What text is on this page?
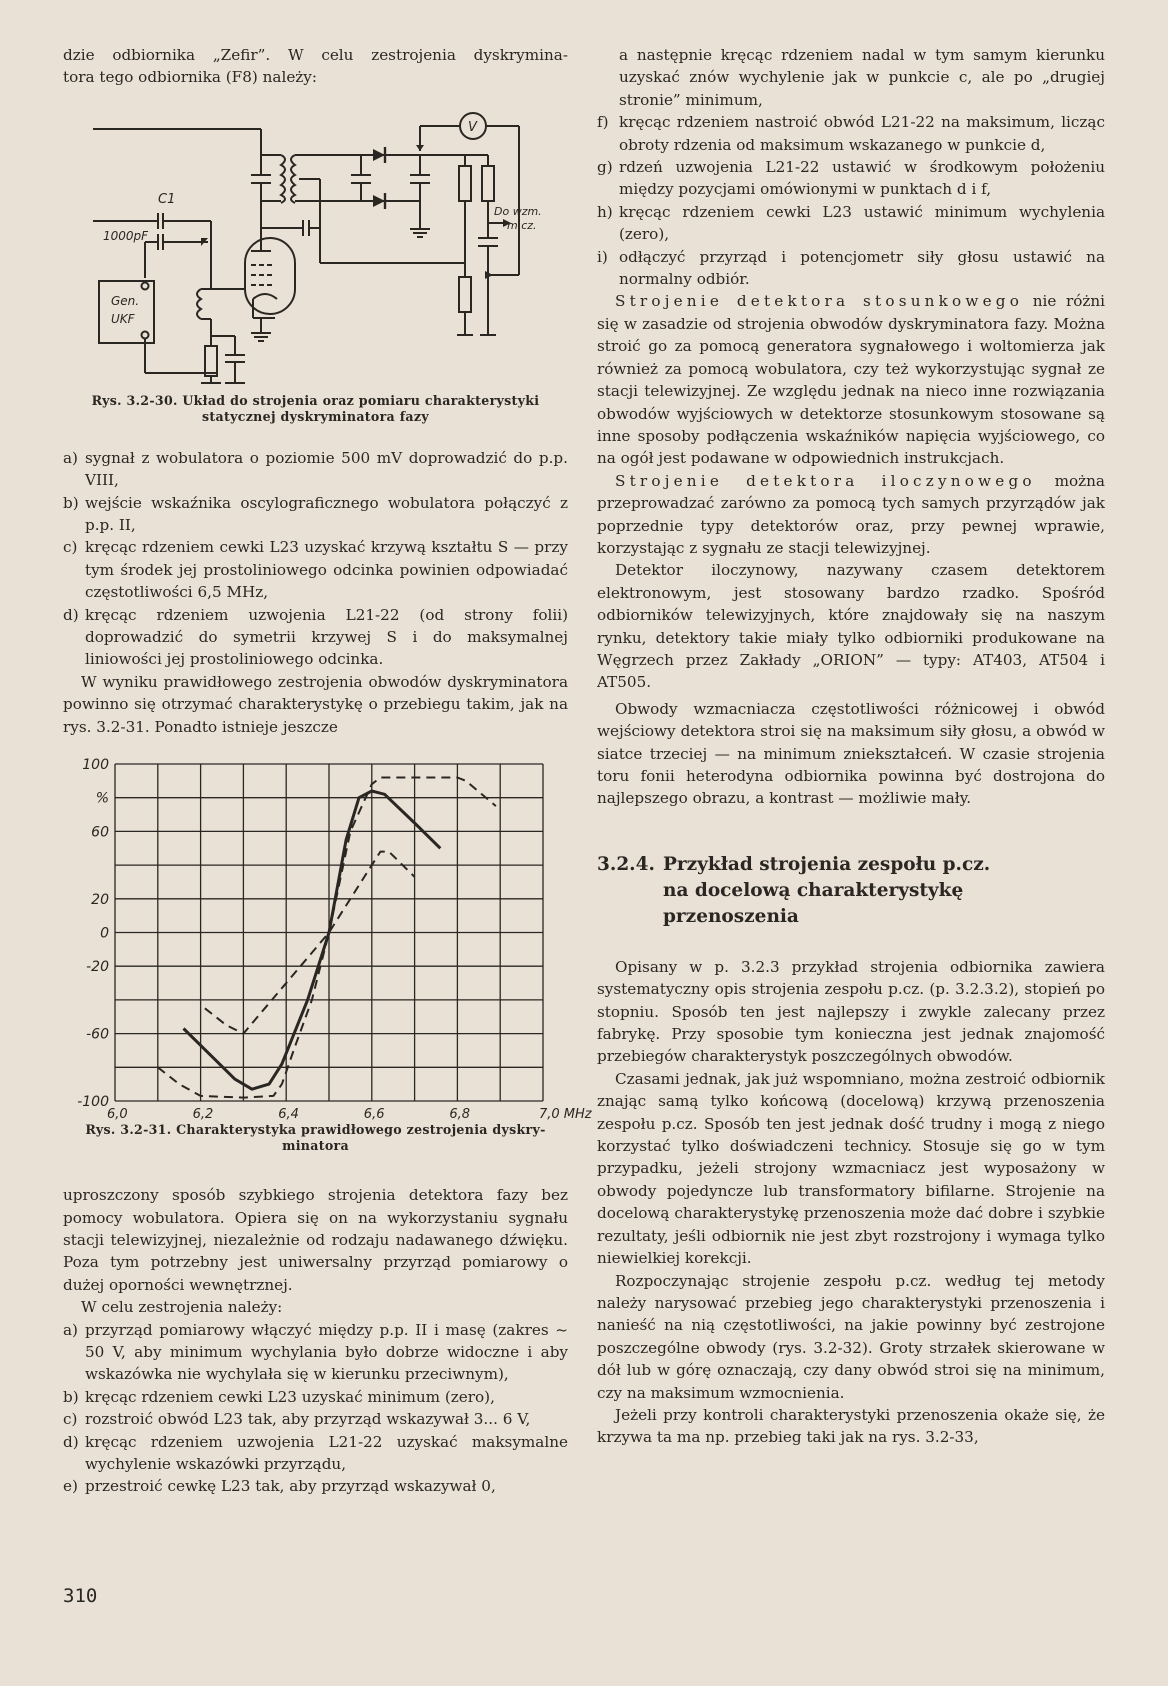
dzie odbiornika „Zefir”. W celu zestrojenia dyskrymina-

tora tego odbiornika (F8) należy:

C1
1000pF
Gen.
UKF
V
Do wzm.
m cz.
Rys. 3.2-30. Układ do strojenia oraz pomiaru charakterystyki
statycznej dyskryminatora fazy
a) sygnał z wobulatora o poziomie 500 mV doprowadzić do p.p. VIII,
b) wejście wskaźnika oscylograficznego wobulatora połączyć z p.p. II,
c) kręcąc rdzeniem cewki L23 uzyskać krzywą kształtu S — przy tym środek jej prostoliniowego odcinka powinien odpowiadać częstotliwości 6,5 MHz,
d) kręcąc rdzeniem uzwojenia L21-22 (od strony folii) doprowadzić do symetrii krzywej S i do maksymalnej liniowości jej prostoliniowego odcinka.

W wyniku prawidłowego zestrojenia obwodów dyskryminatora powinno się otrzymać charakterystykę o przebiegu takim, jak na rys. 3.2-31. Ponadto istnieje jeszcze

100
60
20
0
-20
-60
-100
%
6,0	6,2	6,4	6,6	6,8	7,0 MHz
Rys. 3.2-31. Charakterystyka prawidłowego zestrojenia dyskry-
minatora

uproszczony sposób szybkiego strojenia detektora fazy bez pomocy wobulatora. Opiera się on na wykorzystaniu sygnału stacji telewizyjnej, niezależnie od rodzaju nadawanego dźwięku. Poza tym potrzebny jest uniwersalny przyrząd pomiarowy o dużej oporności wewnętrznej.

W celu zestrojenia należy:

a) przyrząd pomiarowy włączyć między p.p. II i masę (zakres ~ 50 V, aby minimum wychylania było dobrze widoczne i aby wskazówka nie wychylała się w kierunku przeciwnym),
b) kręcąc rdzeniem cewki L23 uzyskać minimum (zero),
c) rozstroić obwód L23 tak, aby przyrząd wskazywał 3... 6 V,
d) kręcąc rdzeniem uzwojenia L21-22 uzyskać maksymalne wychylenie wskazówki przyrządu,
e) przestroić cewkę L23 tak, aby przyrząd wskazywał 0,

a następnie kręcąc rdzeniem nadal w tym samym kierunku uzyskać znów wychylenie jak w punkcie c, ale po „drugiej stronie” minimum,

f) kręcąc rdzeniem nastroić obwód L21-22 na maksimum, licząc obroty rdzenia od maksimum wskazanego w punkcie d,
g) rdzeń uzwojenia L21-22 ustawić w środkowym położeniu między pozycjami omówionymi w punktach d i f,
h) kręcąc rdzeniem cewki L23 ustawić minimum wychylenia (zero),
i) odłączyć przyrząd i potencjometr siły głosu ustawić na normalny odbiór.

Strojenie detektora stosunkowego nie różni się w zasadzie od strojenia obwodów dyskryminatora fazy. Można stroić go za pomocą generatora sygnałowego i woltomierza jak również za pomocą wobulatora, czy też wykorzystując sygnał ze stacji telewizyjnej. Ze względu jednak na nieco inne rozwiązania obwodów wyjściowych w detektorze stosunkowym stosowane są inne sposoby podłączenia wskaźników napięcia wyjściowego, co na ogół jest podawane w odpowiednich instrukcjach.

Strojenie detektora iloczynowego można przeprowadzać zarówno za pomocą tych samych przyrządów jak poprzednie typy detektorów oraz, przy pewnej wprawie, korzystając z sygnału ze stacji telewizyjnej.

Detektor iloczynowy, nazywany czasem detektorem elektronowym, jest stosowany bardzo rzadko. Spośród odbiorników telewizyjnych, które znajdowały się na naszym rynku, detektory takie miały tylko odbiorniki produkowane na Węgrzech przez Zakłady „ORION” — typy: AT403, AT504 i AT505.

Obwody wzmacniacza częstotliwości różnicowej i obwód wejściowy detektora stroi się na maksimum siły głosu, a obwód w siatce trzeciej — na minimum zniekształceń. W czasie strojenia toru fonii heterodyna odbiornika powinna być dostrojona do najlepszego obrazu, a kontrast — możliwie mały.

3.2.4. Przykład strojenia zespołu p.cz.
na docelową charakterystykę przenoszenia

Opisany w p. 3.2.3 przykład strojenia odbiornika zawiera systematyczny opis strojenia zespołu p.cz. (p. 3.2.3.2), stopień po stopniu. Sposób ten jest najlepszy i zwykle zalecany przez fabrykę. Przy sposobie tym konieczna jest jednak znajomość przebiegów charakterystyk poszczególnych obwodów.

Czasami jednak, jak już wspomniano, można zestroić odbiornik znając samą tylko końcową (docelową) krzywą przenoszenia zespołu p.cz. Sposób ten jest jednak dość trudny i mogą z niego korzystać tylko doświadczeni technicy. Stosuje się go w tym przypadku, jeżeli strojony wzmacniacz jest wyposażony w obwody pojedyncze lub transformatory bifilarne. Strojenie na docelową charakterystykę przenoszenia może dać dobre i szybkie rezultaty, jeśli odbiornik nie jest zbyt rozstrojony i wymaga tylko niewielkiej korekcji.

Rozpoczynając strojenie zespołu p.cz. według tej metody należy narysować przebieg jego charakterystyki przenoszenia i nanieść na nią częstotliwości, na jakie powinny być zestrojone poszczególne obwody (rys. 3.2-32). Groty strzałek skierowane w dół lub w górę oznaczają, czy dany obwód stroi się na minimum, czy na maksimum wzmocnienia.

Jeżeli przy kontroli charakterystyki przenoszenia okaże się, że krzywa ta ma np. przebieg taki jak na rys. 3.2-33,

310
